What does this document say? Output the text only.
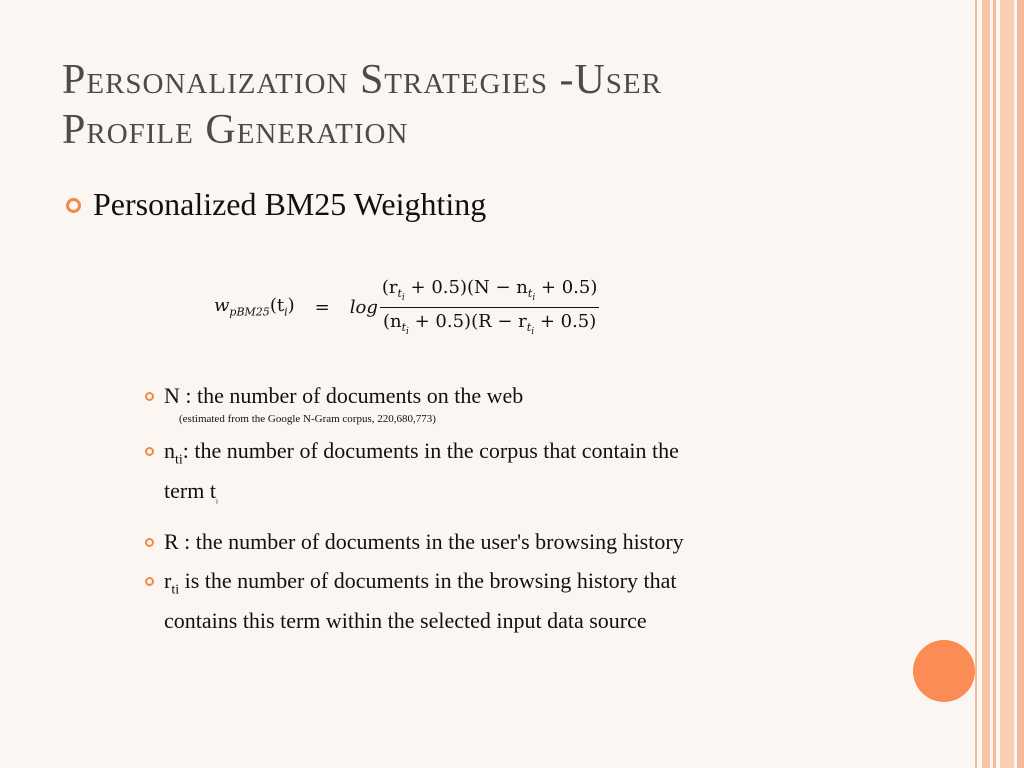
Personalization Strategies -User
Profile Generation
Personalized BM25 Weighting
$w_{pBM25}(t_i) = \log \frac{(r_{t_i} + 0.5)(N - n_{t_i} + 0.5)}{(n_{t_i} + 0.5)(R - r_{t_i} + 0.5)}$
N : the number of documents on the web
(estimated from the Google N-Gram corpus, 220,680,773)
$n_{ti}$: the number of documents in the corpus that contain the
term $t_i$
R : the number of documents in the user's browsing history
$r_{ti}$ is the number of documents in the browsing history that
contains this term within the selected input data source
